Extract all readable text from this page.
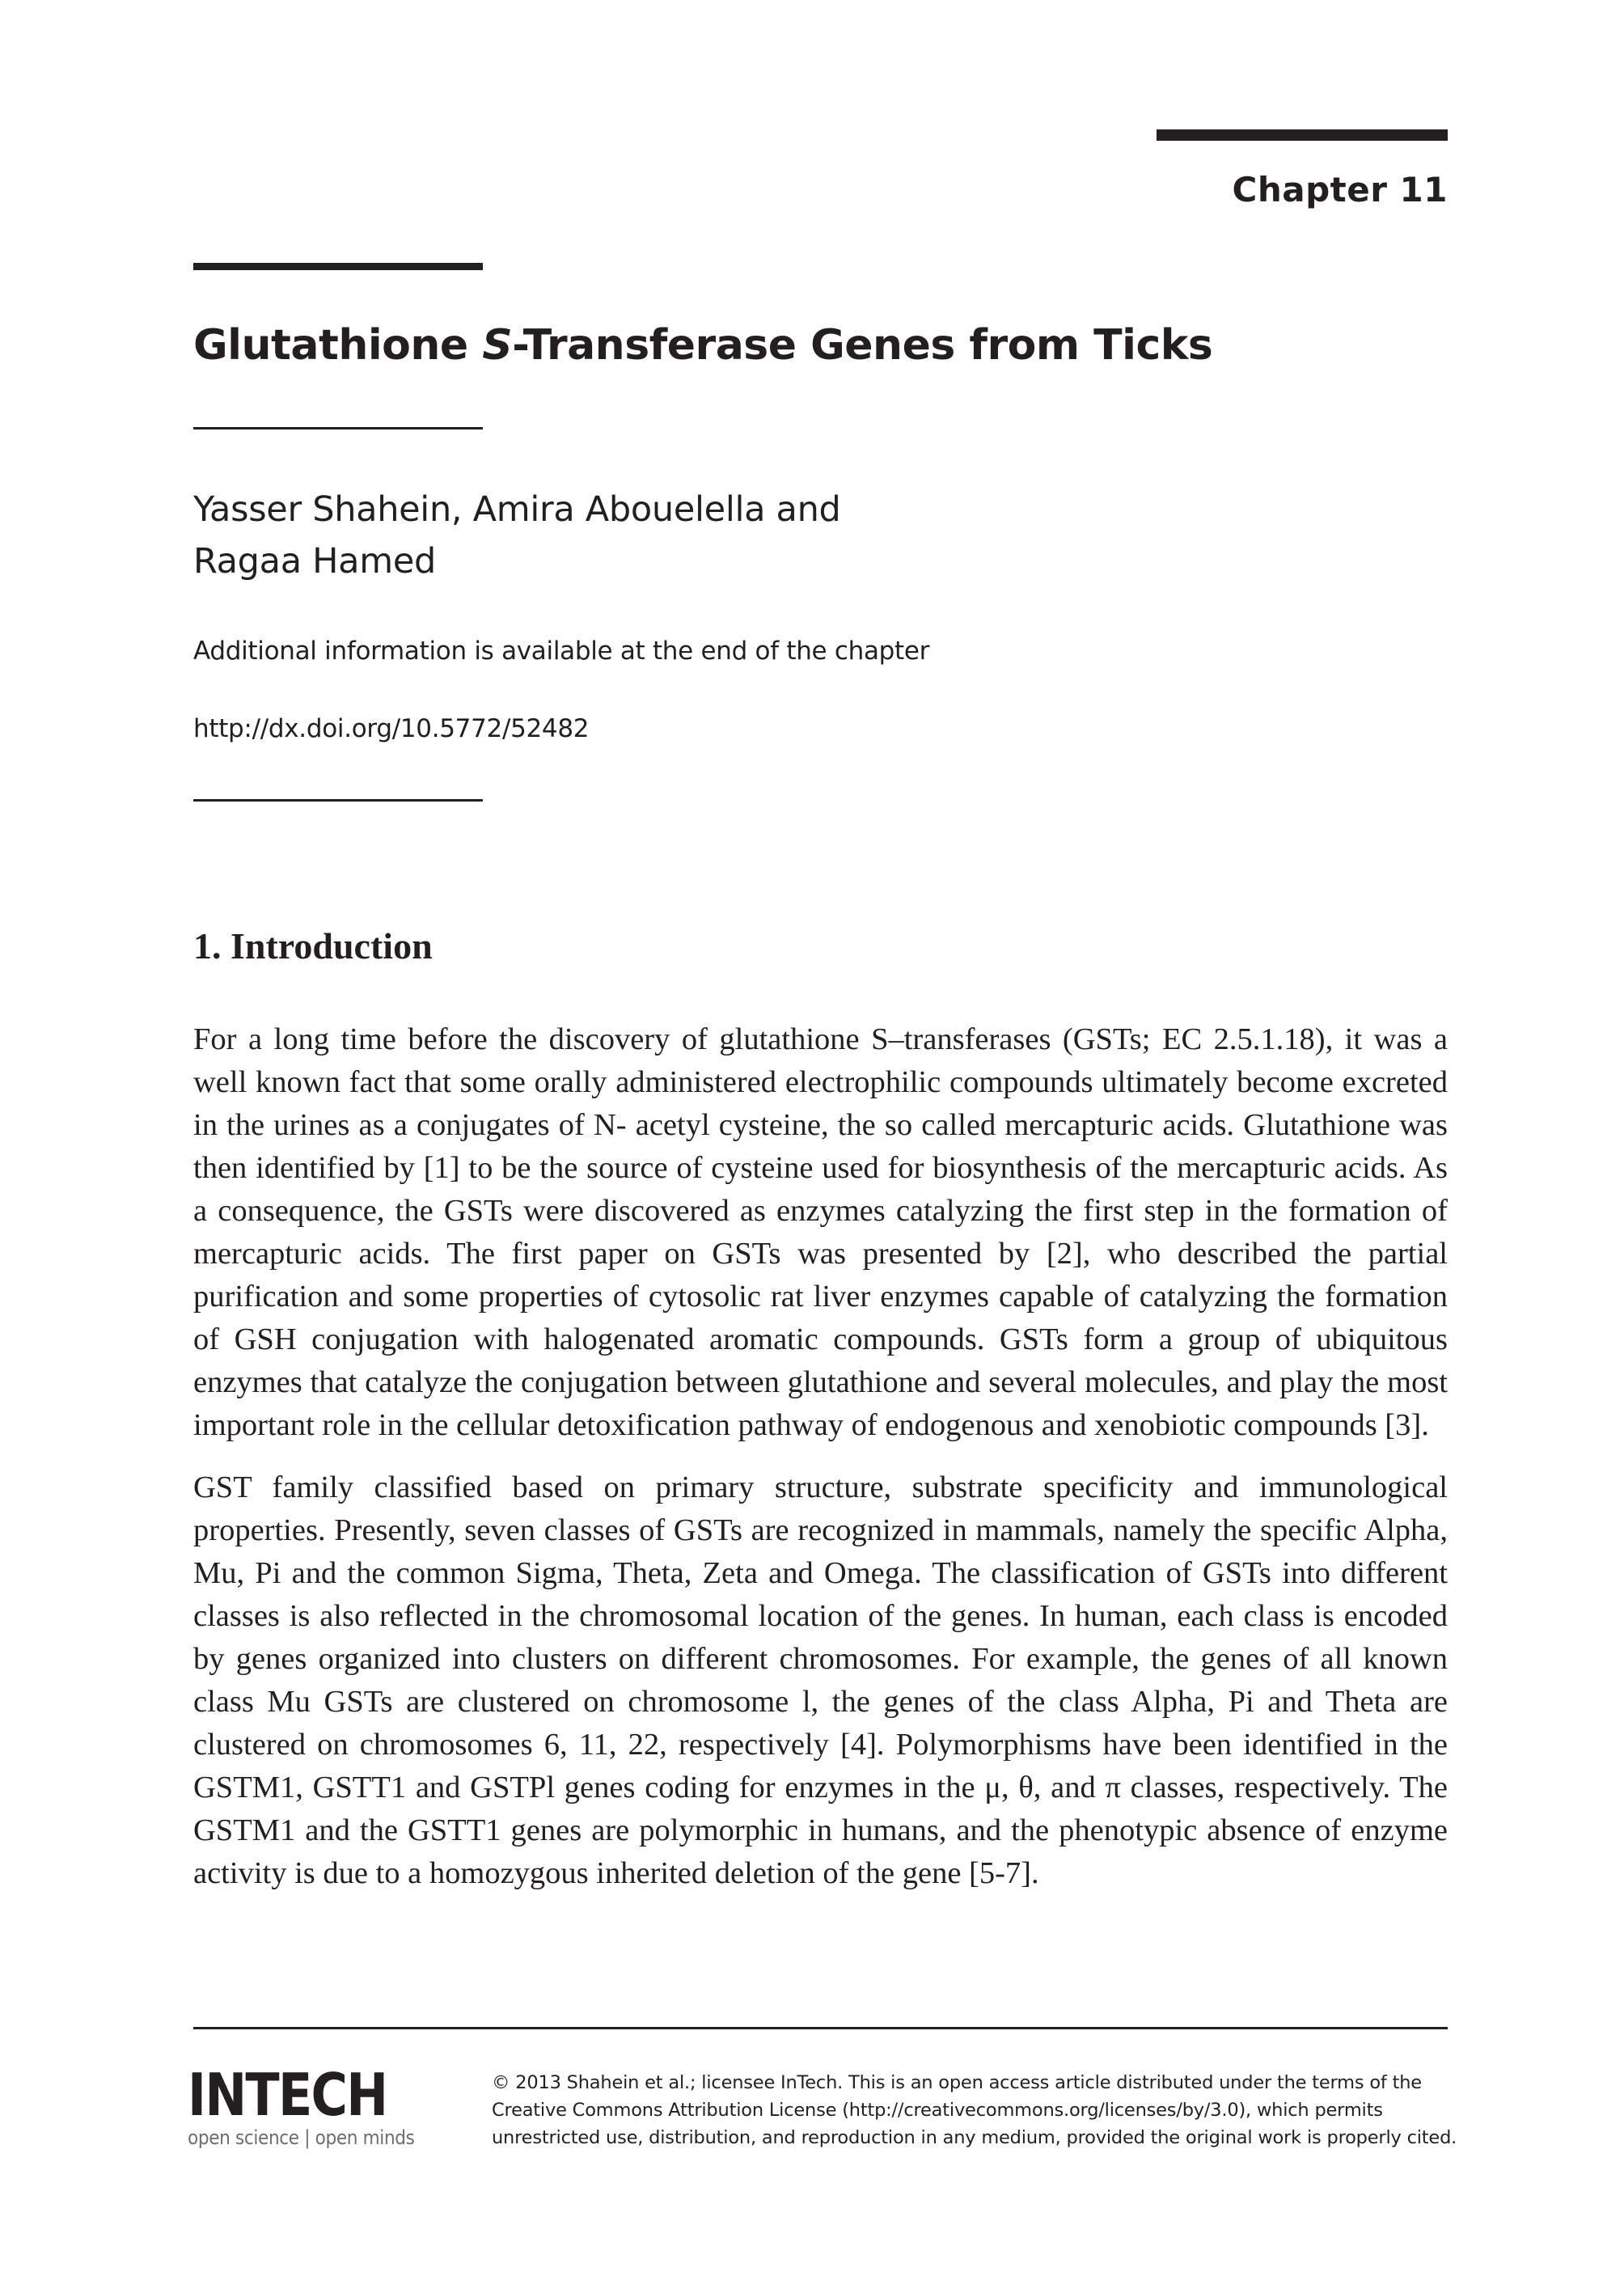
Chapter 11
Glutathione S-Transferase Genes from Ticks
Yasser Shahein, Amira Abouelella and
Ragaa Hamed
Additional information is available at the end of the chapter
http://dx.doi.org/10.5772/52482
1. Introduction

For a long time before the discovery of glutathione S–transferases (GSTs; EC 2.5.1.18), it was a well known fact that some orally administered electrophilic compounds ultimately become excreted in the urines as a conjugates of N- acetyl cysteine, the so called mercapturic acids. Glutathione was then identified by [1] to be the source of cysteine used for biosynthesis of the mercapturic acids. As a consequence, the GSTs were discovered as enzymes catalyzing the first step in the formation of mercapturic acids. The first paper on GSTs was presented by [2], who described the partial purification and some properties of cytosolic rat liver enzymes capable of catalyzing the formation of GSH conjugation with halogenated aromatic compounds. GSTs form a group of ubiquitous enzymes that catalyze the conjugation between glutathione and several molecules, and play the most important role in the cellular detoxification pathway of endogenous and xenobiotic compounds [3].

GST family classified based on primary structure, substrate specificity and immunological properties. Presently, seven classes of GSTs are recognized in mammals, namely the specific Alpha, Mu, Pi and the common Sigma, Theta, Zeta and Omega. The classification of GSTs into different classes is also reflected in the chromosomal location of the genes. In human, each class is encoded by genes organized into clusters on different chromosomes. For example, the genes of all known class Mu GSTs are clustered on chromosome l, the genes of the class Alpha, Pi and Theta are clustered on chromosomes 6, 11, 22, respectively [4]. Polymorphisms have been identified in the GSTM1, GSTT1 and GSTPl genes coding for enzymes in the μ, θ, and π classes, respectively. The GSTM1 and the GSTT1 genes are polymorphic in humans, and the phenotypic absence of enzyme activity is due to a homozygous inherited deletion of the gene [5-7].

INTECH
open science | open minds
© 2013 Shahein et al.; licensee InTech. This is an open access article distributed under the terms of the
Creative Commons Attribution License (http://creativecommons.org/licenses/by/3.0), which permits
unrestricted use, distribution, and reproduction in any medium, provided the original work is properly cited.
